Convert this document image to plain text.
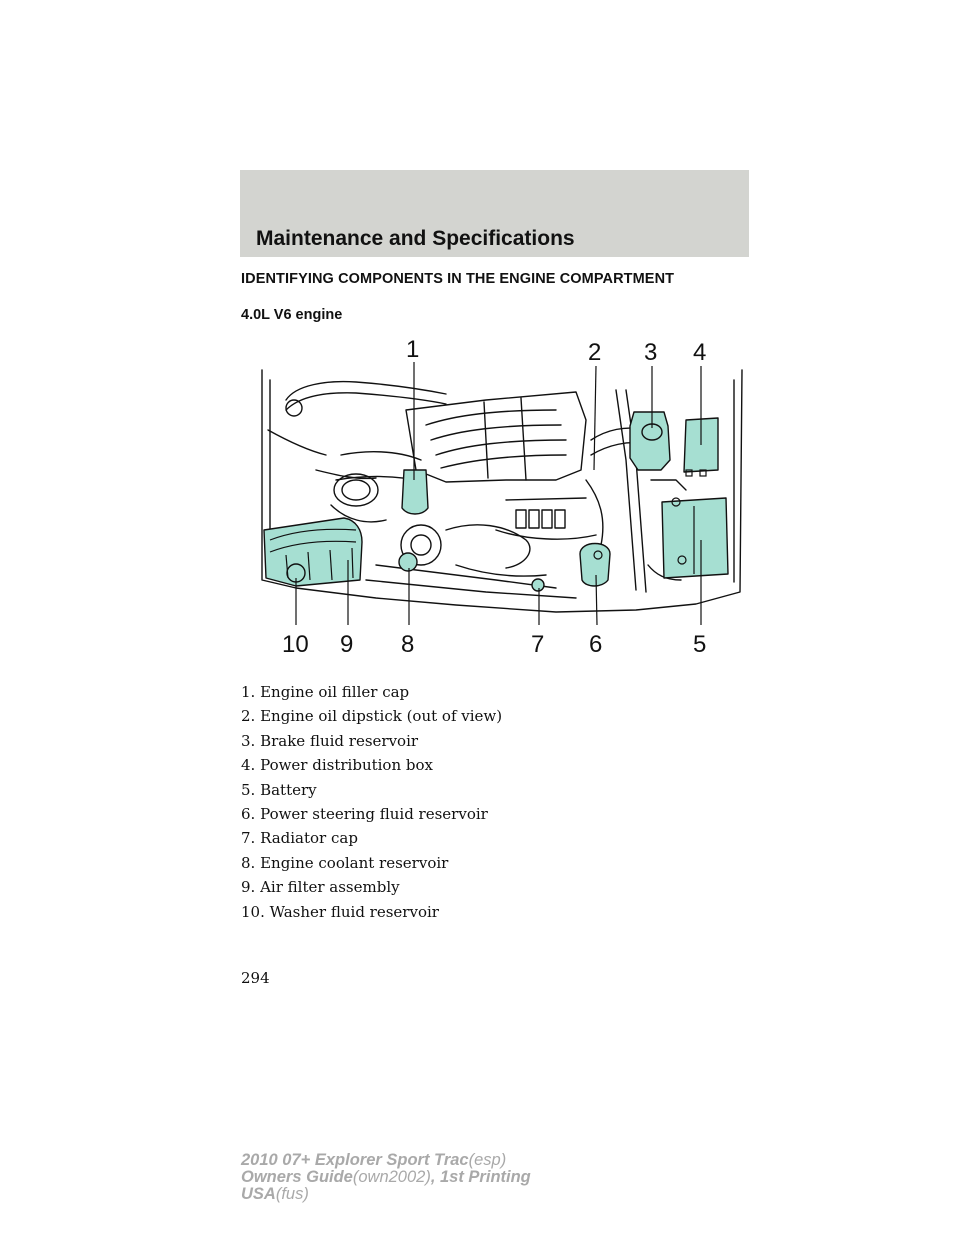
Maintenance and Specifications
IDENTIFYING COMPONENTS IN THE ENGINE COMPARTMENT
4.0L V6 engine
1	2 3 4
5
6
7
8
9
10
1. Engine oil filler cap
2. Engine oil dipstick (out of view)
3. Brake fluid reservoir
4. Power distribution box
5. Battery
6. Power steering fluid reservoir
7. Radiator cap
8. Engine coolant reservoir
9. Air filter assembly
10. Washer fluid reservoir
294
2010 07+ Explorer Sport Trac(esp)
Owners Guide(own2002), 1st Printing
USA(fus)
